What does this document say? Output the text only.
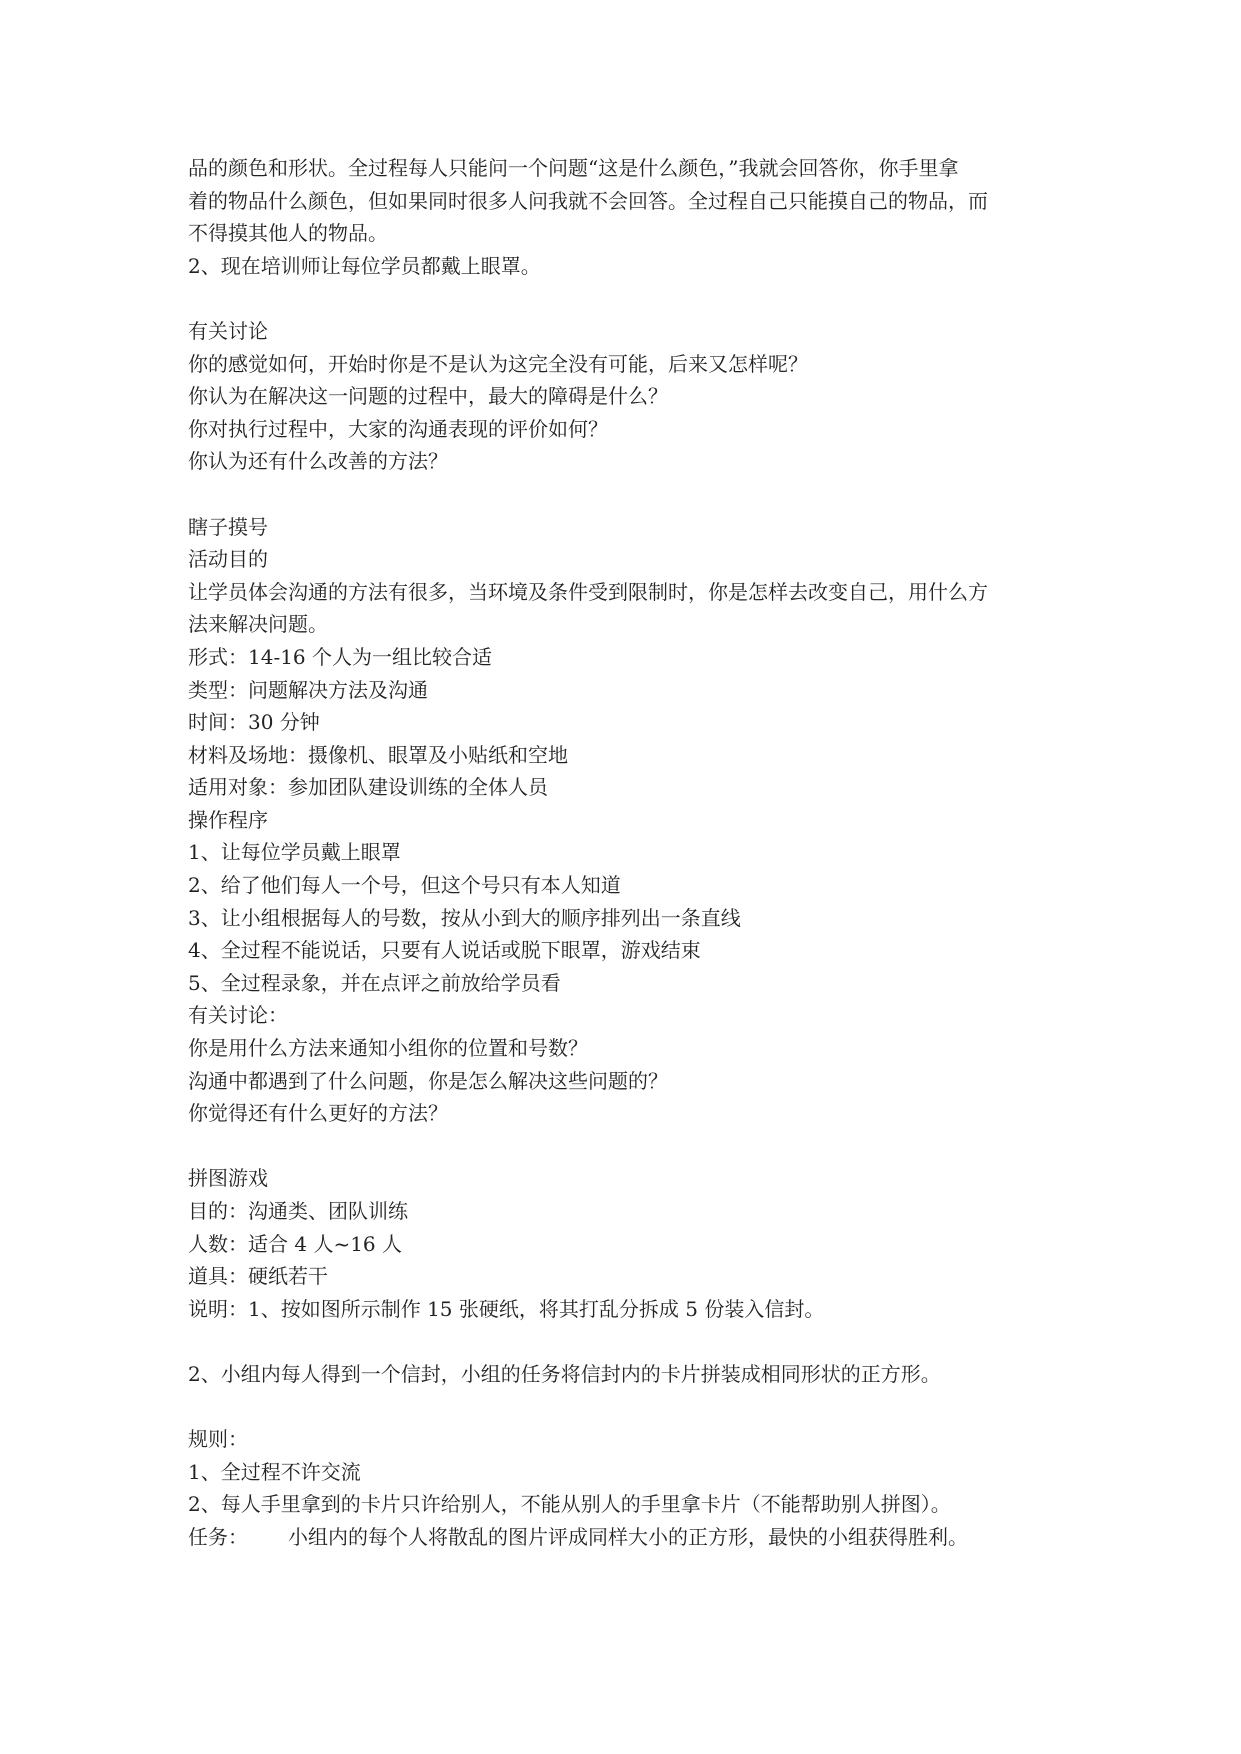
品的颜色和形状。全过程每人只能问一个问题“这是什么颜色，”我就会回答你，你手里拿

着的物品什么颜色，但如果同时很多人问我就不会回答。全过程自己只能摸自己的物品，而

不得摸其他人的物品。

2、现在培训师让每位学员都戴上眼罩。

有关讨论

你的感觉如何，开始时你是不是认为这完全没有可能，后来又怎样呢？

你认为在解决这一问题的过程中，最大的障碍是什么？

你对执行过程中，大家的沟通表现的评价如何？

你认为还有什么改善的方法？

瞎子摸号

活动目的

让学员体会沟通的方法有很多，当环境及条件受到限制时，你是怎样去改变自己，用什么方

法来解决问题。

形式：14-16 个人为一组比较合适

类型：问题解决方法及沟通

时间：30 分钟

材料及场地：摄像机、眼罩及小贴纸和空地

适用对象：参加团队建设训练的全体人员

操作程序

1、让每位学员戴上眼罩

2、给了他们每人一个号，但这个号只有本人知道

3、让小组根据每人的号数，按从小到大的顺序排列出一条直线

4、全过程不能说话，只要有人说话或脱下眼罩，游戏结束

5、全过程录象，并在点评之前放给学员看

有关讨论：

你是用什么方法来通知小组你的位置和号数？

沟通中都遇到了什么问题，你是怎么解决这些问题的？

你觉得还有什么更好的方法？

拼图游戏

目的：沟通类、团队训练

人数：适合 4 人~16 人

道具：硬纸若干

说明：1、按如图所示制作 15 张硬纸，将其打乱分拆成 5 份装入信封。

2、小组内每人得到一个信封，小组的任务将信封内的卡片拼装成相同形状的正方形。

规则：

1、全过程不许交流

2、每人手里拿到的卡片只许给别人，不能从别人的手里拿卡片（不能帮助别人拼图）。

任务： 小组内的每个人将散乱的图片评成同样大小的正方形，最快的小组获得胜利。
